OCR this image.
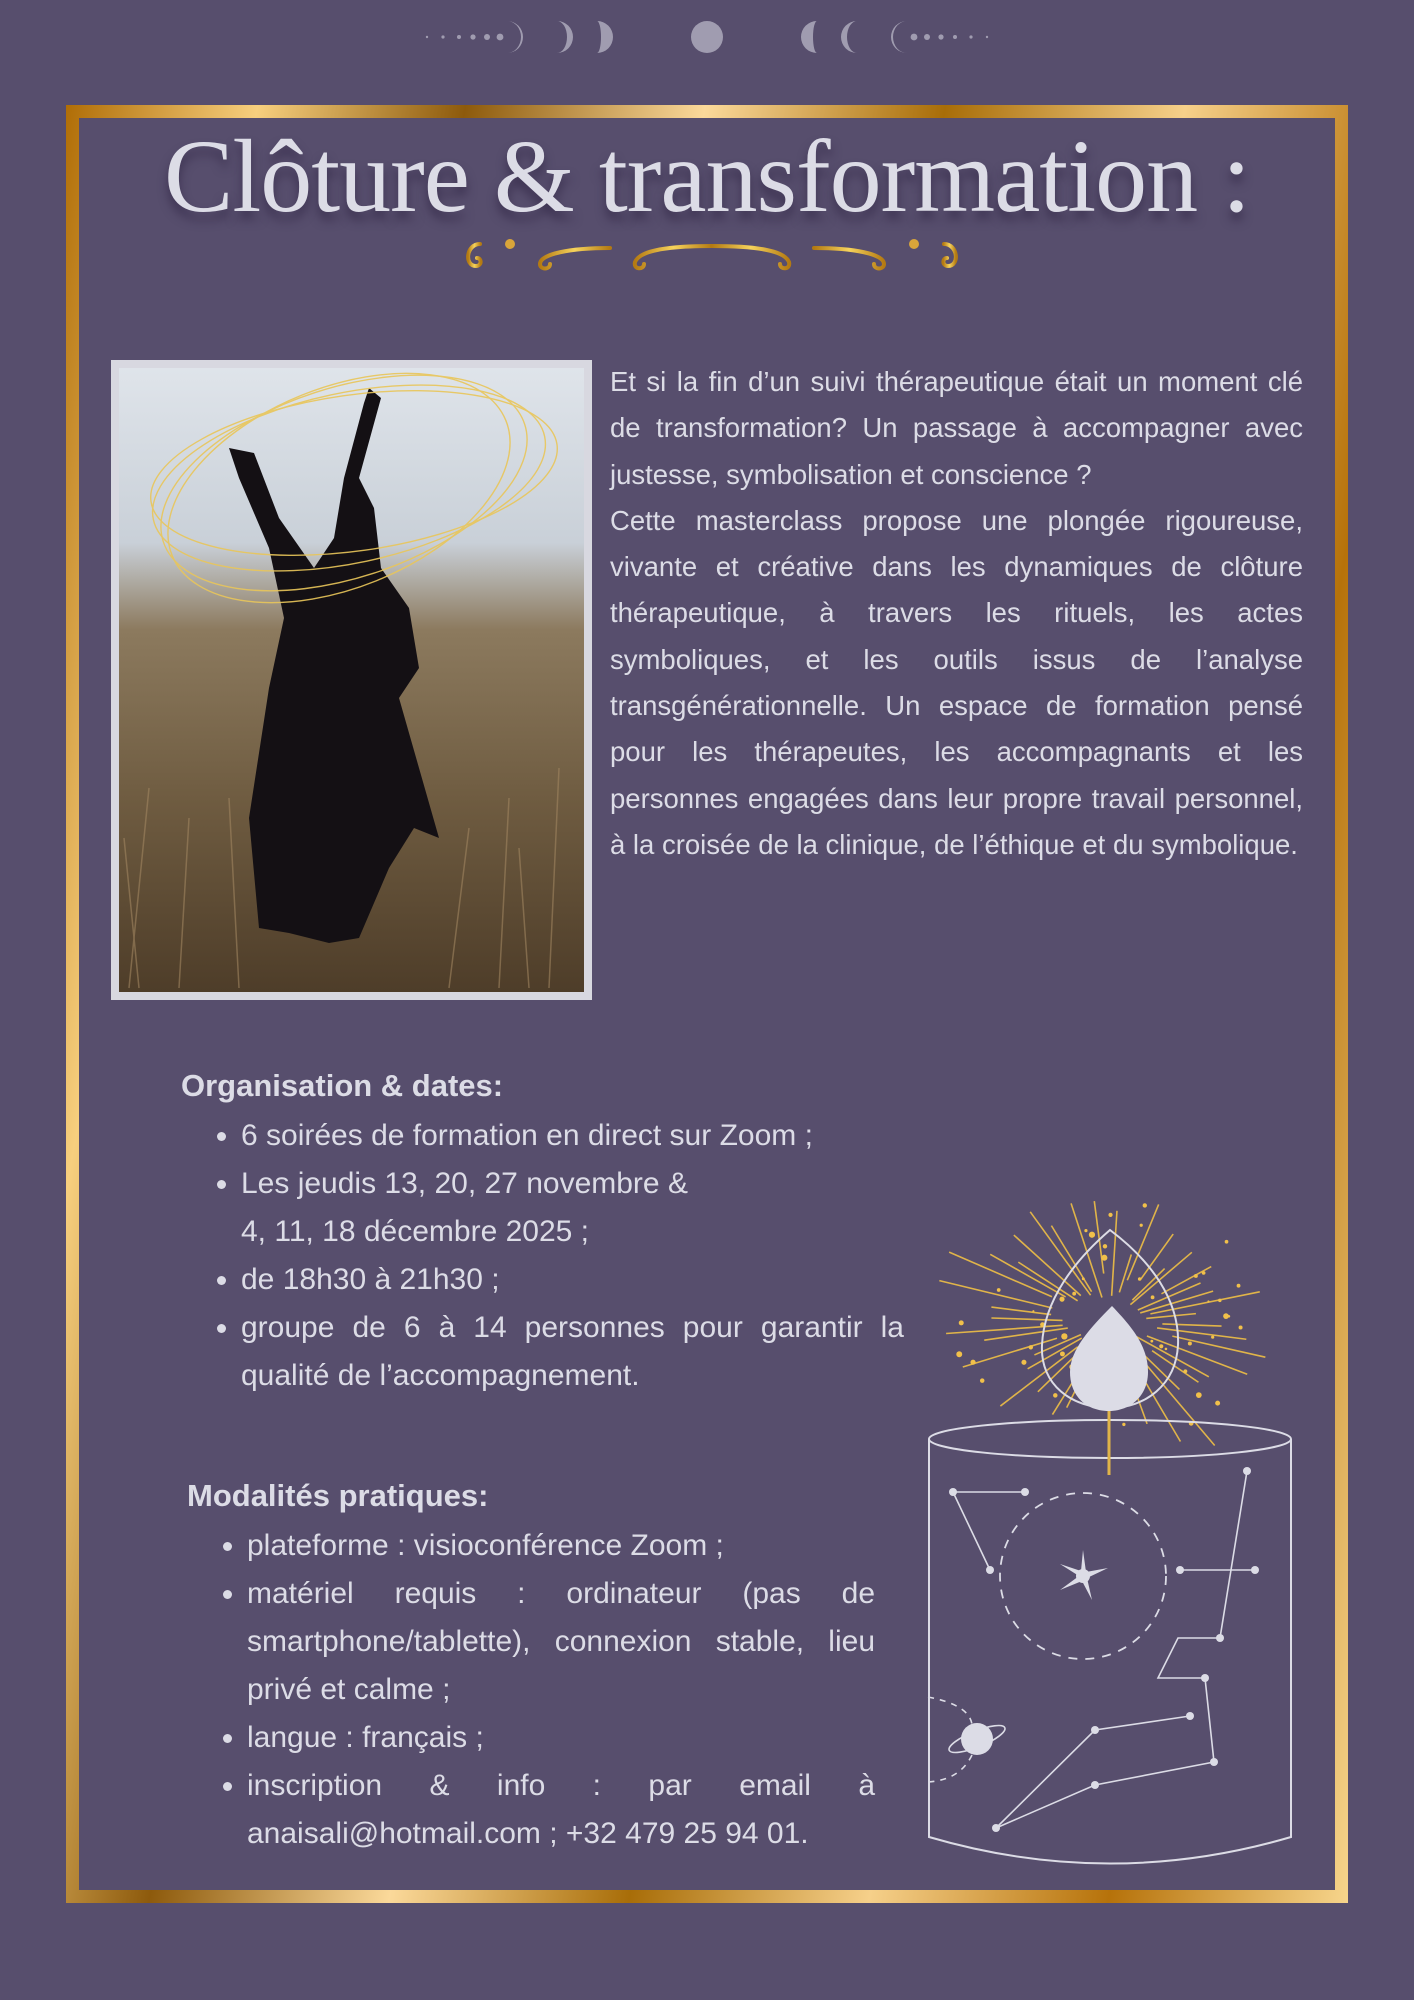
Clôture & transformation :

Et si la fin d’un suivi thérapeutique était un moment clé de transformation? Un passage à accompagner avec justesse, symbolisation et conscience ?

Cette masterclass propose une plongée rigoureuse, vivante et créative dans les dynamiques de clôture thérapeutique, à travers les rituels, les actes symboliques, et les outils issus de l’analyse transgénérationnelle. Un espace de formation pensé pour les thérapeutes, les accompagnants et les personnes engagées dans leur propre travail personnel, à la croisée de la clinique, de l’éthique et du symbolique.

Organisation & dates:
• 6 soirées de formation en direct sur Zoom ;
• Les jeudis 13, 20, 27 novembre &
4, 11, 18 décembre 2025 ;
• de 18h30 à 21h30 ;
• groupe de 6 à 14 personnes pour garantir la qualité de l’accompagnement.
Modalités pratiques:
• plateforme : visioconférence Zoom ;
• matériel requis : ordinateur (pas de smartphone/tablette), connexion stable, lieu privé et calme ;
• langue : français ;
• inscription & info : par email à anaisali@hotmail.com ; +32 479 25 94 01.
